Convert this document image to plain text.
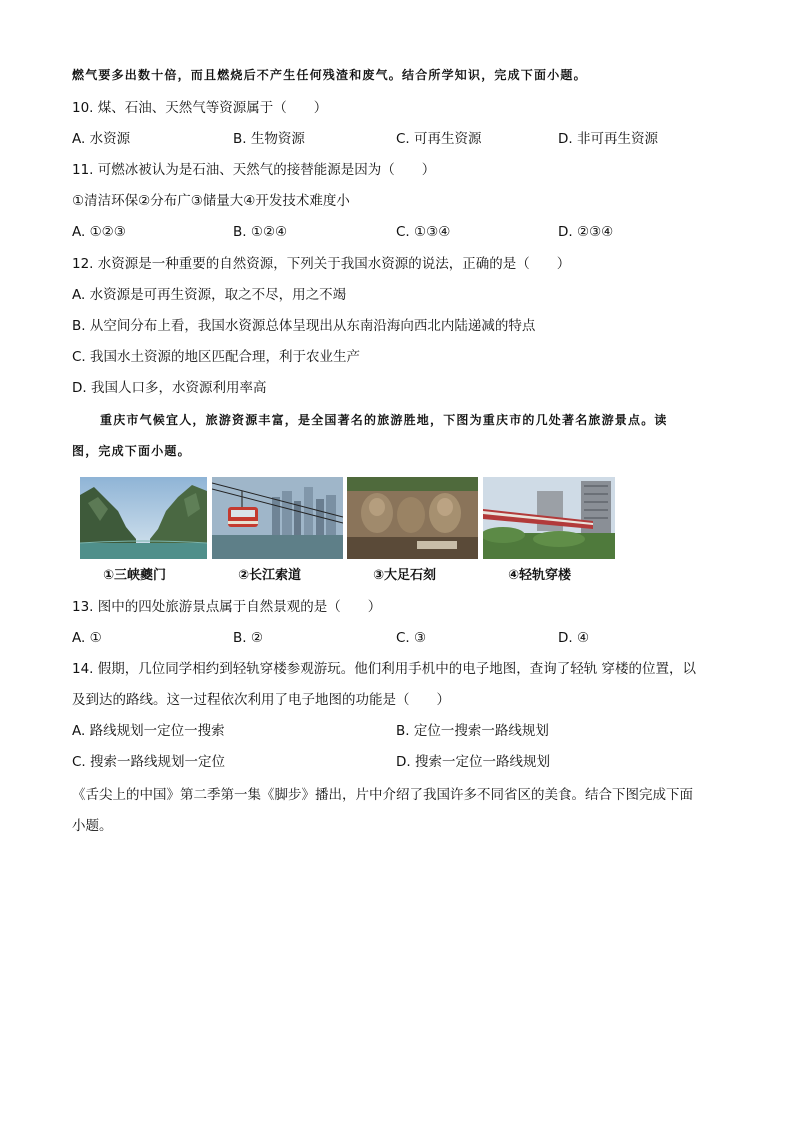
燃气要多出数十倍，而且燃烧后不产生任何残渣和废气。结合所学知识，完成下面小题。
10. 煤、石油、天然气等资源属于（　　）
A. 水资源	B. 生物资源	C. 可再生资源	D. 非可再生资源
11. 可燃冰被认为是石油、天然气的接替能源是因为（　　）
①清洁环保②分布广③储量大④开发技术难度小
A. ①②③	B. ①②④	C. ①③④	D. ②③④
12. 水资源是一种重要的自然资源，下列关于我国水资源的说法，正确的是（　　）
A. 水资源是可再生资源，取之不尽，用之不竭
B. 从空间分布上看，我国水资源总体呈现出从东南沿海向西北内陆递减的特点
C. 我国水土资源的地区匹配合理，利于农业生产
D. 我国人口多，水资源利用率高
重庆市气候宜人，旅游资源丰富，是全国著名的旅游胜地，下图为重庆市的几处著名旅游景点。读
图，完成下面小题。
①三峡夔门	②长江索道	③大足石刻	④轻轨穿楼
13. 图中的四处旅游景点属于自然景观的是（　　）
A. ①	B. ②	C. ③	D. ④
14. 假期，几位同学相约到轻轨穿楼参观游玩。他们利用手机中的电子地图，查询了轻轨 穿楼的位置，以
及到达的路线。这一过程依次利用了电子地图的功能是（　　）
A. 路线规划一定位一搜索	B. 定位一搜索一路线规划
C. 搜索一路线规划一定位	D. 搜索一定位一路线规划
《舌尖上的中国》第二季第一集《脚步》播出，片中介绍了我国许多不同省区的美食。结合下图完成下面
小题。
